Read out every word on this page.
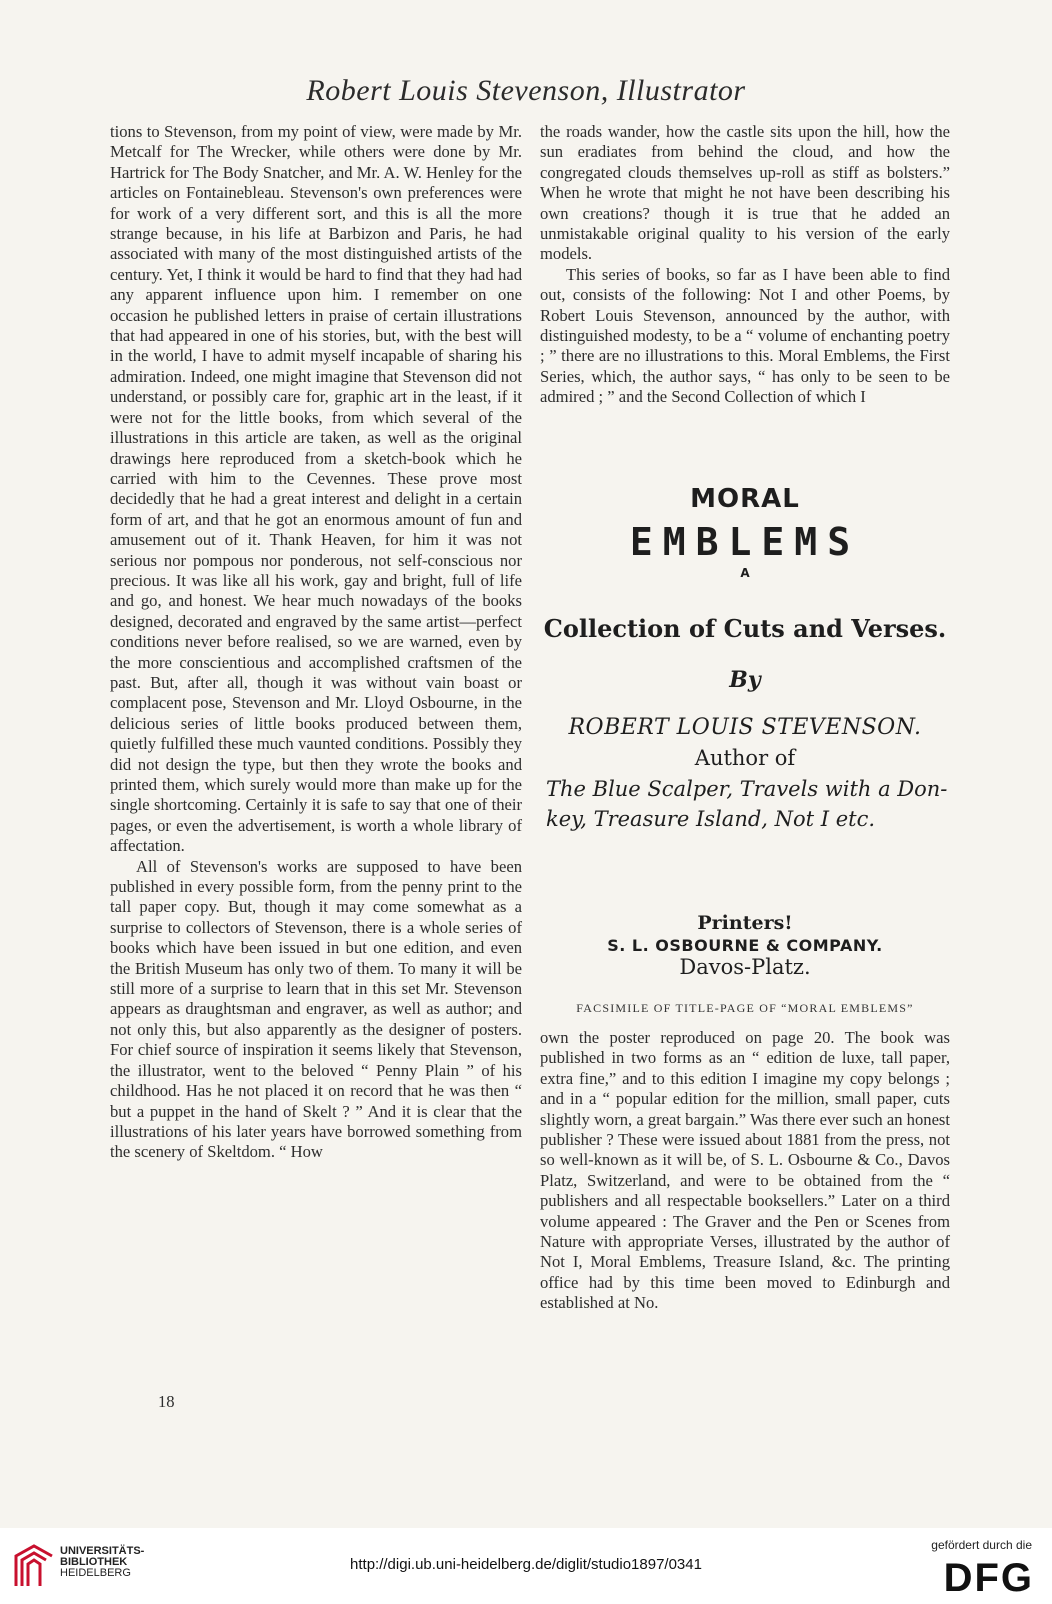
Robert Louis Stevenson, Illustrator

tions to Stevenson, from my point of view, were made by Mr. Metcalf for The Wrecker, while others were done by Mr. Hartrick for The Body Snatcher, and Mr. A. W. Henley for the articles on Fontainebleau. Stevenson's own preferences were for work of a very different sort, and this is all the more strange because, in his life at Barbizon and Paris, he had associated with many of the most distinguished artists of the century. Yet, I think it would be hard to find that they had had any apparent influence upon him. I remember on one occasion he published letters in praise of certain illustrations that had appeared in one of his stories, but, with the best will in the world, I have to admit myself incapable of sharing his admiration. Indeed, one might imagine that Stevenson did not understand, or possibly care for, graphic art in the least, if it were not for the little books, from which several of the illustrations in this article are taken, as well as the original drawings here reproduced from a sketch-book which he carried with him to the Cevennes. These prove most decidedly that he had a great interest and delight in a certain form of art, and that he got an enormous amount of fun and amusement out of it. Thank Heaven, for him it was not serious nor pompous nor ponderous, not self-conscious nor precious. It was like all his work, gay and bright, full of life and go, and honest. We hear much nowadays of the books designed, decorated and engraved by the same artist—perfect conditions never before realised, so we are warned, even by the more conscientious and accomplished craftsmen of the past. But, after all, though it was without vain boast or complacent pose, Stevenson and Mr. Lloyd Osbourne, in the delicious series of little books produced between them, quietly fulfilled these much vaunted conditions. Possibly they did not design the type, but then they wrote the books and printed them, which surely would more than make up for the single shortcoming. Certainly it is safe to say that one of their pages, or even the advertisement, is worth a whole library of affectation.

All of Stevenson's works are supposed to have been published in every possible form, from the penny print to the tall paper copy. But, though it may come somewhat as a surprise to collectors of Stevenson, there is a whole series of books which have been issued in but one edition, and even the British Museum has only two of them. To many it will be still more of a surprise to learn that in this set Mr. Stevenson appears as draughtsman and engraver, as well as author; and not only this, but also apparently as the designer of posters. For chief source of inspiration it seems likely that Stevenson, the illustrator, went to the beloved “ Penny Plain ” of his childhood. Has he not placed it on record that he was then “ but a puppet in the hand of Skelt ? ” And it is clear that the illustrations of his later years have borrowed something from the scenery of Skeltdom. “ How

the roads wander, how the castle sits upon the hill, how the sun eradiates from behind the cloud, and how the congregated clouds themselves up-roll as stiff as bolsters.” When he wrote that might he not have been describing his own creations? though it is true that he added an unmistakable original quality to his version of the early models.

This series of books, so far as I have been able to find out, consists of the following: Not I and other Poems, by Robert Louis Stevenson, announced by the author, with distinguished modesty, to be a “ volume of enchanting poetry ; ” there are no illustrations to this. Moral Emblems, the First Series, which, the author says, “ has only to be seen to be admired ; ” and the Second Collection of which I

MORAL
EMBLEMS
A
Collection of Cuts and Verses.
By
ROBERT LOUIS STEVENSON.
Author of
The Blue Scalper, Travels with a Don-
key, Treasure Island, Not I etc.
Printers!
S. L. OSBOURNE & COMPANY.
Davos-Platz.
FACSIMILE OF TITLE-PAGE OF “MORAL EMBLEMS”

own the poster reproduced on page 20. The book was published in two forms as an “ edition de luxe, tall paper, extra fine,” and to this edition I imagine my copy belongs ; and in a “ popular edition for the million, small paper, cuts slightly worn, a great bargain.” Was there ever such an honest publisher ? These were issued about 1881 from the press, not so well-known as it will be, of S. L. Osbourne & Co., Davos Platz, Switzerland, and were to be obtained from the “ publishers and all respectable booksellers.” Later on a third volume appeared : The Graver and the Pen or Scenes from Nature with appropriate Verses, illustrated by the author of Not I, Moral Emblems, Treasure Island, &c. The printing office had by this time been moved to Edinburgh and established at No.

18
UNIVERSITÄTS-
BIBLIOTHEK
HEIDELBERG	http://digi.ub.uni-heidelberg.de/diglit/studio1897/0341
gefördert durch die
DFG
